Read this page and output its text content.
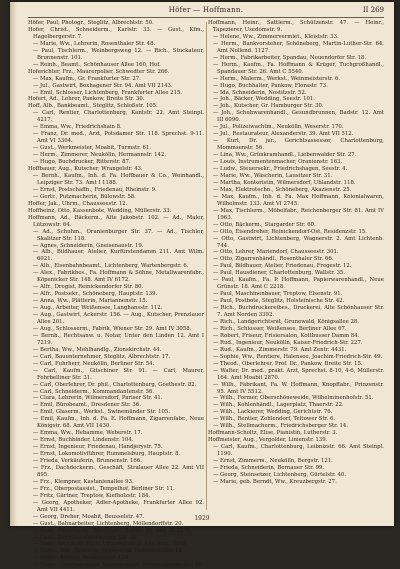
Höfer — Hoffmann.	II 269

Höfer, Paul, Photogr., Steglitz, Albrechtstr. 50.

Hofer, Christ., Schneiderm., Karlstr. 33. — Gust., Kfm., Hagelbergerstr. 7.

— Marie, Ww., Lehrerin, Rosenthaler Str. 48.

— Paul, Tischlerm., Weinbergsweg 12. — Rich., Stuckateur, Brunnenstr. 101.

— Reinh., Beamt., Schönhauser Allee 160, Hof.

Hoferichter, Frz., Maurerpolier, Schwedter Str. 266.

— Max, Kaufm., Gr. Frankfurter Str. 27.

— Jul., Gastwirt, Boxhagener Str. 94. Amt VII 2143.

— Emil, Schlosser, Lichtenberg, Frankfurter Allee 215.

Hofert, Ad., Lehrer, Pankow, Breite Str. 30.

Hoff, Alb., Bankbeamt., Steglitz, Schloßstr. 105.

— Carl, Rentier, Charlottenburg, Kantstr. 22. Amt Steinpl. 4217.

— Emma, Ww., Friedrichshain 8.

— Franz, Dr. med., Arzt, Potsdamer Str. 118. Sprechst. 9-11. Amt VI 3304.

— Gust., Werkmeister, Moabit, Turmstr. 61.

— Herm., Zimmerer, Neukölln, Hermannstr. 142.

— Hugo, Buchdrucker, Ritterstr. 87.

Hoffbauer, Aug., Kutscher, Wrangelstr. 43.

— Bernh., Kaufm., Inh. d. Fa. Hoffbauer & Co., Weinhandl., Leipziger Str. 73. Amt I 1188.

— Ernst, Postschaffn., Friedenau, Rheinstr. 9.

— Gertr., Putzmacherin, Bülowstr. 58.

Hoffer, Jak., Uhrm., Chausseestr. 12.

Hoffheinz, Otto, Kassenbote, Wedding, Müllerstr. 33.

Hoffmann, Ad., Bäckerm., Alte Jakobstr. 102. — Ad., Maler, Lützowstr. 64.

— Ad., Schuhm., Oranienburger Str. 37. — Ad., Tischler, Skalitzer Str. 118.

— Agnes, Schneiderin, Gneisenaustr. 19.

— Alb., Bildhauer, Atelier, Kurfürstendamm 211. Amt Wilm. 6021.

— Alb., Eisenbahnbeamt., Lichtenberg, Wartenbergstr. 6.

— Alex., Fabrikbes., Fa. Hoffmann & Söhne, Metallwarenfabr., Köpenicker Str. 148. Amt IV 6172.

— Alfr., Drogist, Reinickendorfer Str. 80.

— Alfr., Postsekr., Schöneberg, Hauptstr. 139.

— Anna, Ww., Plätterin, Mariannenstr. 15.

— Aug., Arbeiter, Weißensee, Langhansstr. 112.

— Aug., Gastwirt, Ackerstr. 156. — Aug., Kutscher, Prenzlauer Allee 201.

— Aug., Schlosserm., Fabrik, Wiener Str. 29. Amt IV 3058.

— Bernh., Rechtsanw. u. Notar, Unter den Linden 12. Amt I 7219.

— Bertha, Ww., Mehlhandlg., Zionskirchstr. 44.

— Carl, Bauunternehmer, Steglitz, Albrechtstr. 17.

— Carl, Fuhrherr, Neukölln, Berliner Str. 54.

— Carl, Kaufm., Gitschiner Str. 91. — Carl, Maurer, Fehrbelliner Str. 31.

— Carl, Oberlehrer, Dr. phil., Charlottenburg, Goethestr. 82.

— Carl, Schneiderm., Kommandantenstr. 56.

— Clara, Lehrerin, Wilmersdorf, Pariser Str. 41.

— Emil, Bürobeamt., Dresdener Str. 36.

— Emil, Glaserm., Werkst., Swinemünder Str. 105.

— Emil, Kaufm., Inh. d. Fa. E. Hoffmann, Zigarrenfabr., Neue Königstr. 68. Amt VII 1430.

— Emma, Ww., Hebamme, Weberstr. 17.

— Ernst, Buchbinder, Lindenstr. 104.

— Ernst, Ingenieur, Friedenau, Handjerystr. 75.

— Ernst, Lokomotivführer, Rummelsburg, Hauptstr. 8.

— Frieda, Verkäuferin, Brunnenstr. 166.

— Frz., Dachdeckerm., Geschäft, Stralauer Allee 22. Amt VII 895.

— Frz., Klempner, Kastanienallee 93.

— Frz., Oberpostassist., Tempelhof, Berliner Str. 11.

— Fritz, Gärtner, Treptow, Kiefholzstr. 184.

— Georg, Apotheker, Adler-Apotheke, Frankfurter Allee 92. Amt VII 4411.

— Georg, Dreher, Moabit, Beusselstr. 47.

— Gust., Bahnarbeiter, Lichtenberg, Möllendorffstr. 20.

— Gust., Fleischerm., Wurstfabr., Badstr. 51. Amt III 2276.

— Gust., Schmied, Oderberger Str. 38.

— Hans, Architekt, Büro, Lützowplatz 9. Amt Kurf. 3318.

— Hedw., Ww., Rentiere, Grunewald, Hubertusallee 14.

— Heinr., Kellner, Invalidenstr. 124.

— Heinr., Oberingenieur, Siemensstadt, Nonnendammallee 80.

Hoffmann, Heinr., Sattlerm., Schützenstr. 47. — Heinr., Tapezierer, Usedomstr. 9.

— Helene, Ww., Zimmervermiet., Kleiststr. 33.

— Herm., Bankvorsteher, Schöneberg, Martin-Luther-Str. 64. Amt Nollend. 1127.

— Herm., Fabrikarbeiter, Spandau, Neuendorfer Str. 18.

— Herm., Kaufm., Fa. Hoffmann & Krüger, Tuchgroßhandl., Spandauer Str. 26. Amt C 5540.

— Herm., Malerm., Werkst., Weinmeisterstr. 6.

— Hugo, Buchhalter, Pankow, Florastr. 73.

— Ida, Schneiderin, Nostitzstr. 52.

— Joh., Bäcker, Wedding, Seestr. 101.

— Joh., Kutscher, Gr. Hamburger Str. 30.

— Joh., Schuhwarenhandl., Gesundbrunnen, Badstr. 12. Amt III 6090.

— Jul., Polizeiwachtm., Neukölln, Weserstr. 170.

— Jul., Restaurateur, Alexanderstr. 39. Amt VII 512.

— Kurt, Dr. jur., Gerichtsassessor, Charlottenburg, Mommsenstr. 56.

— Lina, Ww., Grünkramhandl., Liebenwalder Str. 27.

— Louis, Instrumentenmacher, Oranienstr. 163.

— Ludw., Steuersekr., Friedrichshagen, Seestr. 4.

— Marie, Ww., Wäscherin, Lausitzer Str. 31.

— Martha, Kontoristin, Wilmersdorf, Uhlandstr. 118.

— Max, Elektrotechn., Schöneberg, Akazienstr. 25.

— Max, Kaufm., Inh. d. Fa. Max Hoffmann, Kolonialwaren, Wilhelmstr. 133. Amt VI 2745.

— Max, Tischlerm., Möbelfabr., Reichenberger Str. 81. Amt IV 1963.

— Otto, Bäckerm., Stargarder Str. 60.

— Otto, Eisendreher, Reinickendorf-Ost, Residenzstr. 15.

— Otto, Gastwirt, Lichtenberg, Wagnerstr. 2. Amt Lichtenb. 744.

— Otto, Lehrer, Mariendorf, Chausseestr. 301.

— Otto, Zigarrenhändl., Rosenthaler Str. 66.

— Paul, Bildhauer, Atelier, Friedenau, Fregestr. 12.

— Paul, Hausdiener, Charlottenburg, Wallstr. 35.

— Paul, Kaufm., Fa. P. Hoffmann, Papierwarenhandl., Neue Grünstr. 18. Amt C 2218.

— Paul, Maschinenbauer, Treptow, Elsenstr. 91.

— Paul, Postbote, Steglitz, Holsteinische Str. 42.

— Rich., Buchdruckereibes., Druckerei, Alte Schönhauser Str. 7. Amt Norden 3392.

— Rich., Landgerichtsrat, Grunewald, Königsallee 28.

— Rich., Schlosser, Weißensee, Berliner Allee 67.

— Robert, Friseur, Frisiersalon, Kottbusser Damm 84.

— Rud., Ingenieur, Neukölln, Kaiser-Friedrich-Str. 227.

— Rud., Kaufm., Zimmerstr. 79. Amt Zentr. 4431.

— Sophie, Ww., Rentiere, Halensee, Joachim-Friedrich-Str. 49.

— Theod., Oberlehrer, Prof. Dr., Pankow, Breite Str. 15.

— Walter, Dr. med., prakt. Arzt, Sprechst. 8-10, 4-6, Müllerstr. 164. Amt Moabit 2870.

— Wilh., Fabrikant, Fa. W. Hoffmann, Knopffabr., Prinzenstr. 95. Amt IV 5512.

— Wilh., Former, Oberschöneweide, Wilhelminenhofstr. 51.

— Wilh., Kohlenhändl., Lagerplatz, Thaerstr. 22.

— Wilh., Lackierer, Wedding, Gerichtstr. 76.

— Wilh., Rentier, Zehlendorf, Teltower Str. 6.

— Wilh., Stellmacherm., Friedrichsberger Str. 14.

Hoffmann-Scholtz, Elise, Pianistin, Lutherstr. 3.

Hoffmeister, Aug., Vergolder, Linienstr. 139.

— Carl, Kaufm., Charlottenburg, Leibnizstr. 66. Amt Steinpl. 1190.

— Ernst, Zimmerm., Neukölln, Bergstr. 121.

— Frieda, Schneiderin, Bernauer Str. 99.

— Georg, Steinsetzer, Lichtenberg, Gürtelstr. 40.

— Marie, geb. Berndt, Ww., Kreuzbergstr. 27.

1929
